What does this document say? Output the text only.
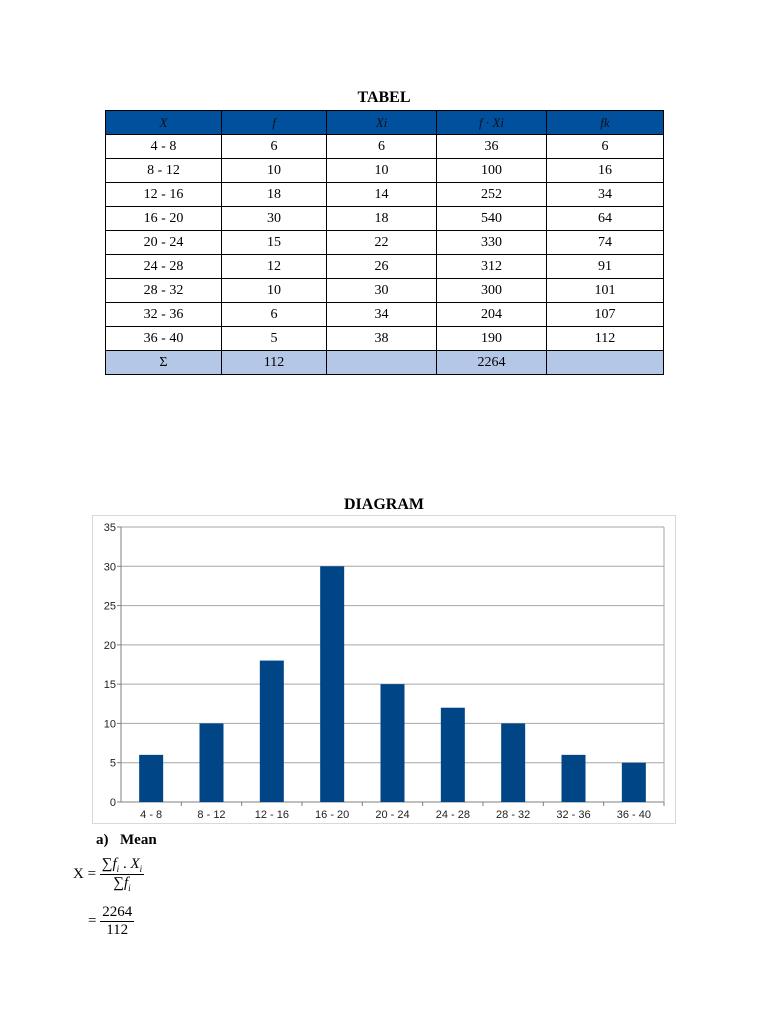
TABEL
X	f	Xi	f · Xi	fk
4 - 8	6	6	36	6
8 - 12	10	10	100	16
12 - 16	18	14	252	34
16 - 20	30	18	540	64
20 - 24	15	22	330	74
24 - 28	12	26	312	91
28 - 32	10	30	300	101
32 - 36	6	34	204	107
36 - 40	5	38	190	112
Σ	112		2264	
DIAGRAM
0
5
10
15
20
25
30
35
4 - 8	8 - 12	12 - 16 16 - 20 20 - 24 24 - 28 28 - 32 32 - 36 36 - 40
a) Mean
$X = \frac{\sum f_i . X_i}{\sum f_i}$
= $\frac{2264}{112}$
